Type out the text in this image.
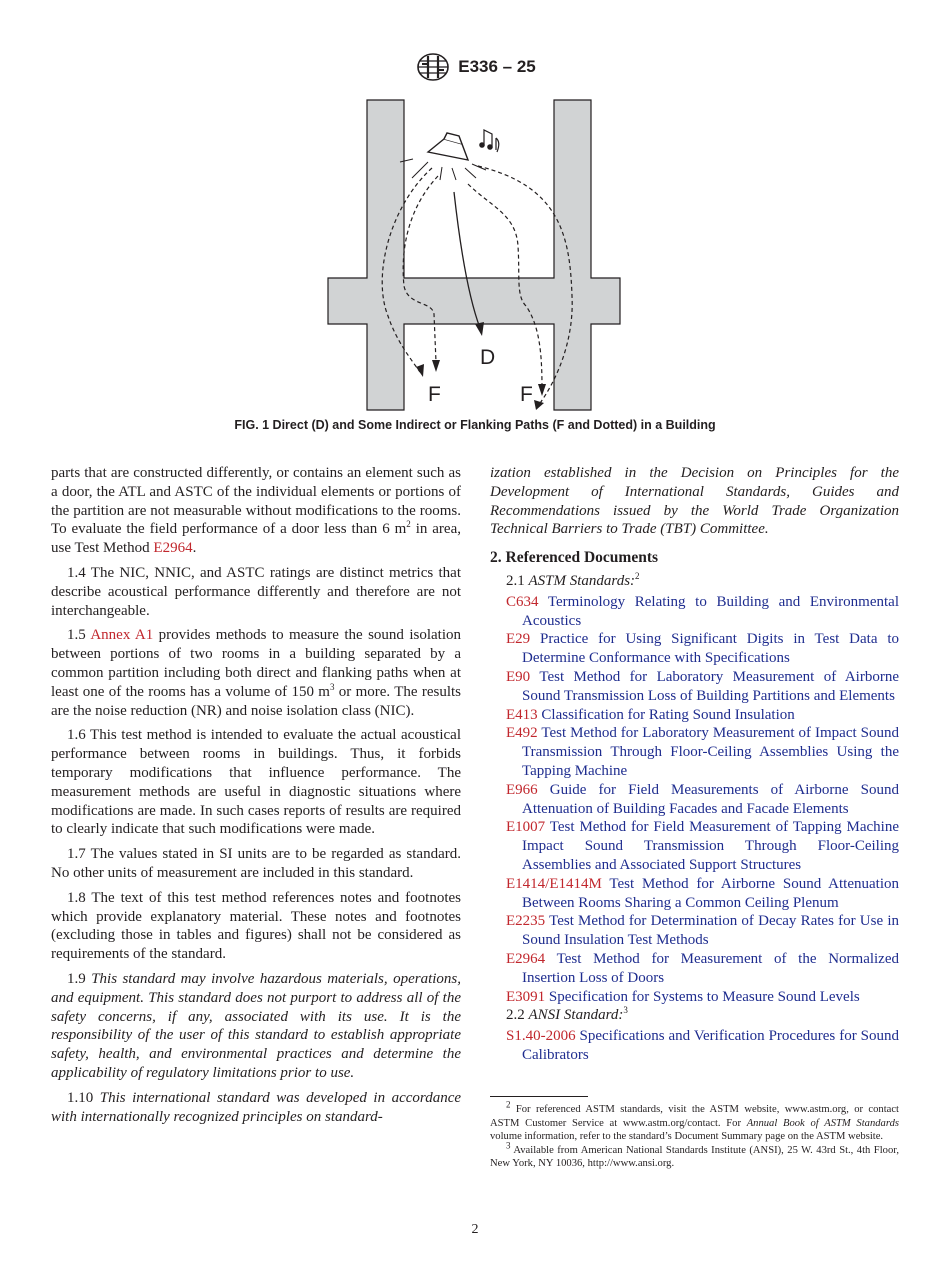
E336 – 25
D
F	F
FIG. 1 Direct (D) and Some Indirect or Flanking Paths (F and Dotted) in a Building

parts that are constructed differently, or contains an element such as a door, the ATL and ASTC of the individual elements or portions of the partition are not measurable without modifications to the rooms. To evaluate the field performance of a door less than 6 $m^2$ in area, use Test Method E2964.

1.4 The NIC, NNIC, and ASTC ratings are distinct metrics that describe acoustical performance differently and therefore are not interchangeable.

1.5 Annex A1 provides methods to measure the sound isolation between portions of two rooms in a building separated by a common partition including both direct and flanking paths when at least one of the rooms has a volume of 150 $m^3$ or more. The results are the noise reduction (NR) and noise isolation class (NIC).

1.6 This test method is intended to evaluate the actual acoustical performance between rooms in buildings. Thus, it forbids temporary modifications that influence performance. The measurement methods are useful in diagnostic situations where modifications are made. In such cases reports of results are required to clearly indicate that such modifications were made.

1.7 The values stated in SI units are to be regarded as standard. No other units of measurement are included in this standard.

1.8 The text of this test method references notes and footnotes which provide explanatory material. These notes and footnotes (excluding those in tables and figures) shall not be considered as requirements of the standard.

1.9 This standard may involve hazardous materials, operations, and equipment. This standard does not purport to address all of the safety concerns, if any, associated with its use. It is the responsibility of the user of this standard to establish appropriate safety, health, and environmental practices and determine the applicability of regulatory limitations prior to use.

1.10 This international standard was developed in accordance with internationally recognized principles on standard-

ization established in the Decision on Principles for the Development of International Standards, Guides and Recommendations issued by the World Trade Organization Technical Barriers to Trade (TBT) Committee.

2. Referenced Documents
2.1 ASTM Standards:$^2$
C634 Terminology Relating to Building and Environmental Acoustics
E29 Practice for Using Significant Digits in Test Data to Determine Conformance with Specifications
E90 Test Method for Laboratory Measurement of Airborne Sound Transmission Loss of Building Partitions and Elements
E413 Classification for Rating Sound Insulation
E492 Test Method for Laboratory Measurement of Impact Sound Transmission Through Floor-Ceiling Assemblies Using the Tapping Machine
E966 Guide for Field Measurements of Airborne Sound Attenuation of Building Facades and Facade Elements
E1007 Test Method for Field Measurement of Tapping Machine Impact Sound Transmission Through Floor-Ceiling Assemblies and Associated Support Structures
E1414/E1414M Test Method for Airborne Sound Attenuation Between Rooms Sharing a Common Ceiling Plenum
E2235 Test Method for Determination of Decay Rates for Use in Sound Insulation Test Methods
E2964 Test Method for Measurement of the Normalized Insertion Loss of Doors
E3091 Specification for Systems to Measure Sound Levels
2.2 ANSI Standard:$^3$
S1.40-2006 Specifications and Verification Procedures for Sound Calibrators

$^2$ For referenced ASTM standards, visit the ASTM website, www.astm.org, or contact ASTM Customer Service at www.astm.org/contact. For Annual Book of ASTM Standards volume information, refer to the standard’s Document Summary page on the ASTM website.

$^3$ Available from American National Standards Institute (ANSI), 25 W. 43rd St., 4th Floor, New York, NY 10036, http://www.ansi.org.

2
